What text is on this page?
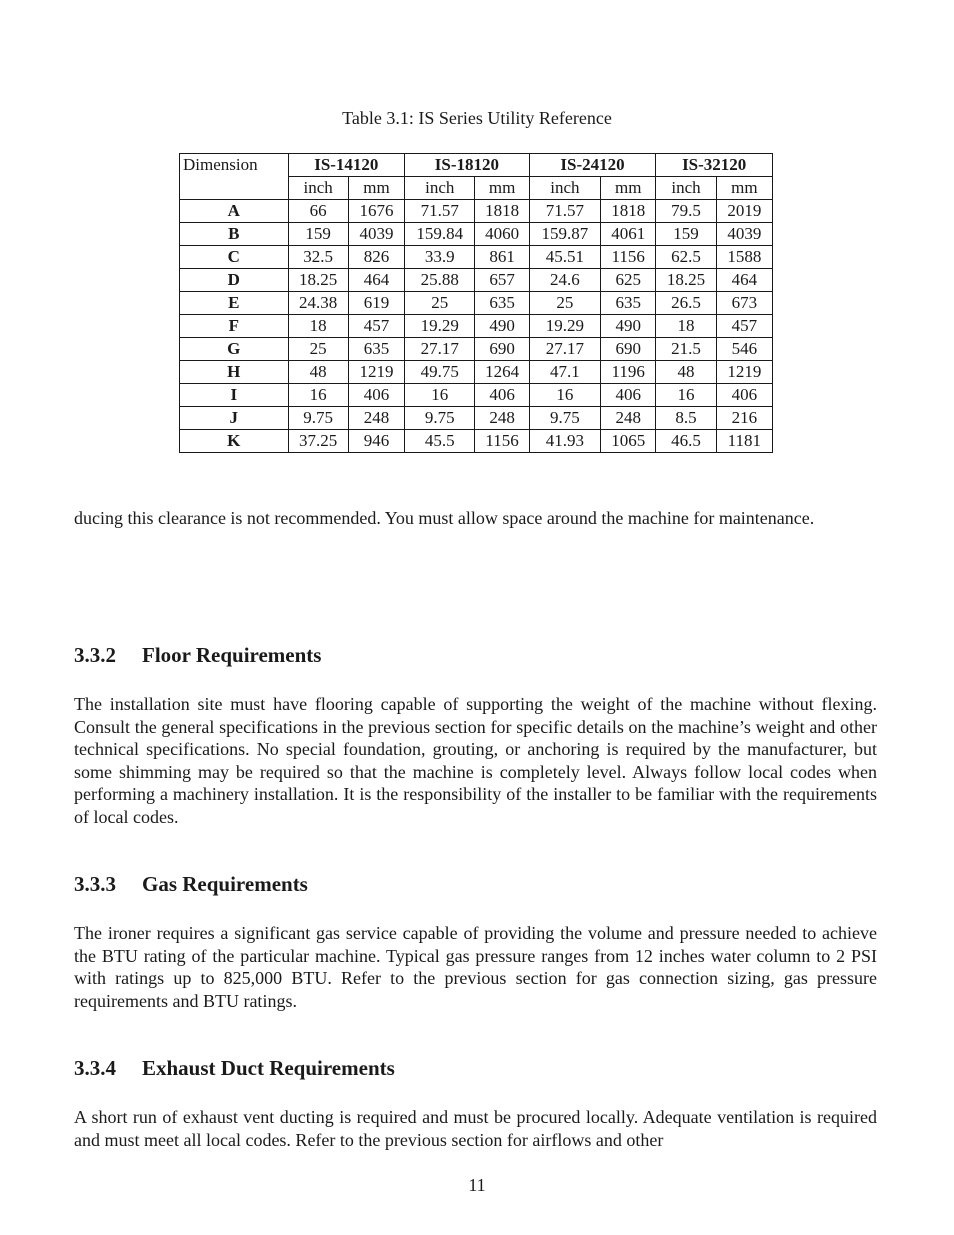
Table 3.1: IS Series Utility Reference
Dimension	IS-14120		IS-18120		IS-24120		IS-32120	
	inch	mm	inch	mm	inch	mm	inch	mm
A	66	1676	71.57	1818	71.57	1818	79.5	2019
B	159	4039	159.84	4060	159.87	4061	159	4039
C	32.5	826	33.9	861	45.51	1156	62.5	1588
D	18.25	464	25.88	657	24.6	625	18.25	464
E	24.38	619	25	635	25	635	26.5	673
F	18	457	19.29	490	19.29	490	18	457
G	25	635	27.17	690	27.17	690	21.5	546
H	48	1219	49.75	1264	47.1	1196	48	1219
I	16	406	16	406	16	406	16	406
J	9.75	248	9.75	248	9.75	248	8.5	216
K	37.25	946	45.5	1156	41.93	1065	46.5	1181

ducing this clearance is not recommended. You must allow space around the machine for maintenance.

3.3.2 Floor Requirements

The installation site must have flooring capable of supporting the weight of the machine without flexing. Consult the general specifications in the previous section for specific details on the machine’s weight and other technical specifications. No special foundation, grouting, or anchoring is required by the manufacturer, but some shimming may be required so that the machine is completely level. Always follow local codes when performing a machinery installation. It is the responsibility of the installer to be familiar with the requirements of local codes.

3.3.3 Gas Requirements

The ironer requires a significant gas service capable of providing the volume and pressure needed to achieve the BTU rating of the particular machine. Typical gas pressure ranges from 12 inches water column to 2 PSI with ratings up to 825,000 BTU. Refer to the previous section for gas connection sizing, gas pressure requirements and BTU ratings.

3.3.4 Exhaust Duct Requirements

A short run of exhaust vent ducting is required and must be procured locally. Adequate ventilation is required and must meet all local codes. Refer to the previous section for airflows and other

11
